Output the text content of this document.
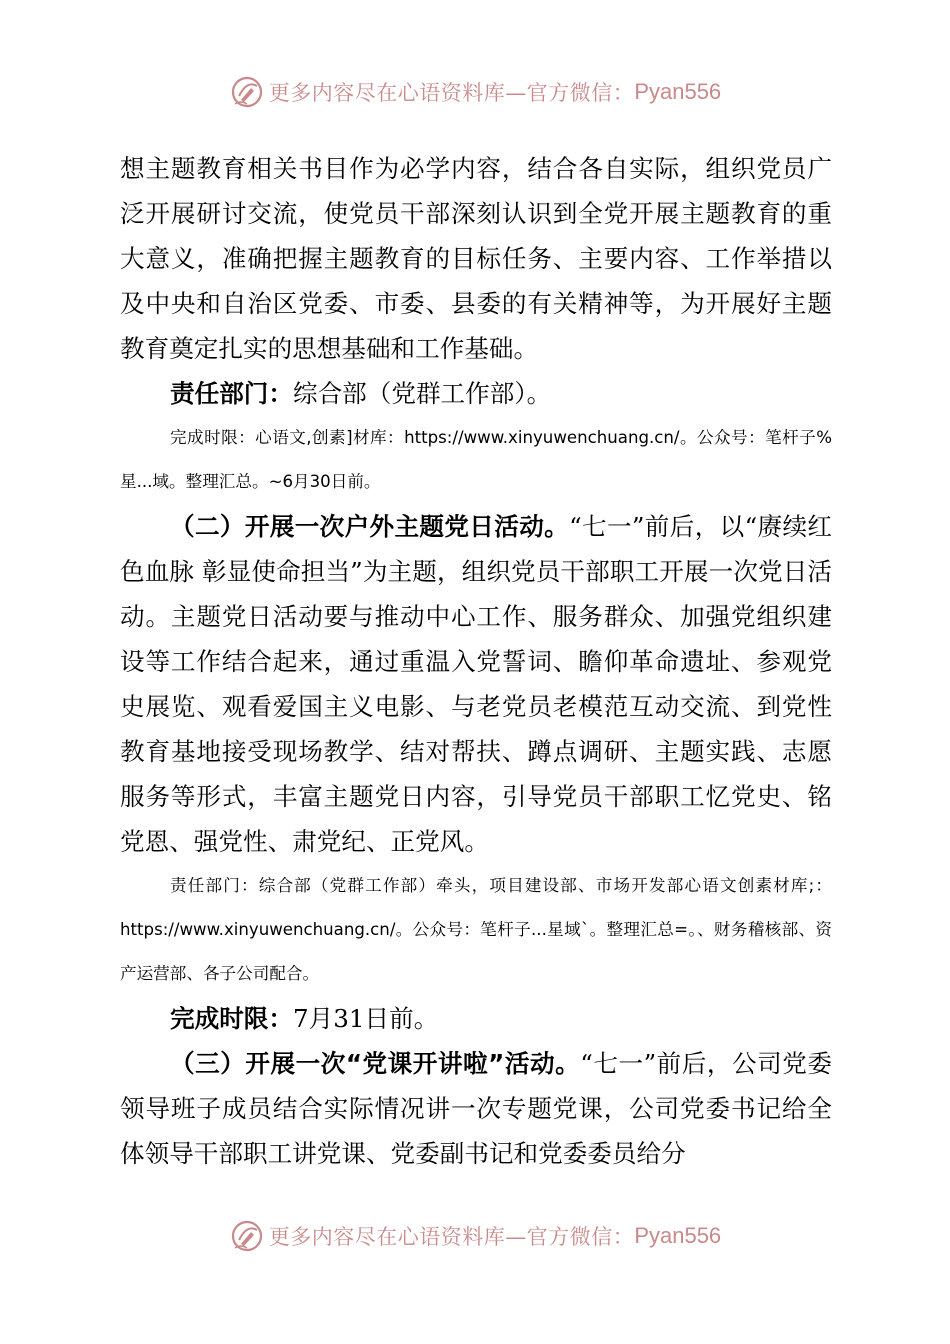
更多内容尽在心语资料库—官方微信： Pyan556

想主题教育相关书目作为必学内容，结合各自实际，组织党员广泛开展研讨交流，使党员干部深刻认识到全党开展主题教育的重大意义，准确把握主题教育的目标任务、主要内容、工作举措以及中央和自治区党委、市委、县委的有关精神等，为开展好主题教育奠定扎实的思想基础和工作基础。

责任部门：综合部（党群工作部）。

完成时限：心语文,创素]材库：https://www.xinyuwenchuang.cn/。公众号：笔杆子%星...域。整理汇总。~6月30日前。

（二）开展一次户外主题党日活动。“七一”前后，以“赓续红色血脉 彰显使命担当”为主题，组织党员干部职工开展一次党日活动。主题党日活动要与推动中心工作、服务群众、加强党组织建设等工作结合起来，通过重温入党誓词、瞻仰革命遗址、参观党史展览、观看爱国主义电影、与老党员老模范互动交流、到党性教育基地接受现场教学、结对帮扶、蹲点调研、主题实践、志愿服务等形式，丰富主题党日内容，引导党员干部职工忆党史、铭党恩、强党性、肃党纪、正党风。

责任部门：综合部（党群工作部）牵头，项目建设部、市场开发部心语文创素材库;：https://www.xinyuwenchuang.cn/。公众号：笔杆子...星域`。整理汇总=。、财务稽核部、资产运营部、各子公司配合。

完成时限：7月31日前。

（三）开展一次“党课开讲啦”活动。“七一”前后，公司党委领导班子成员结合实际情况讲一次专题党课，公司党委书记给全体领导干部职工讲党课、党委副书记和党委委员给分

更多内容尽在心语资料库—官方微信： Pyan556
